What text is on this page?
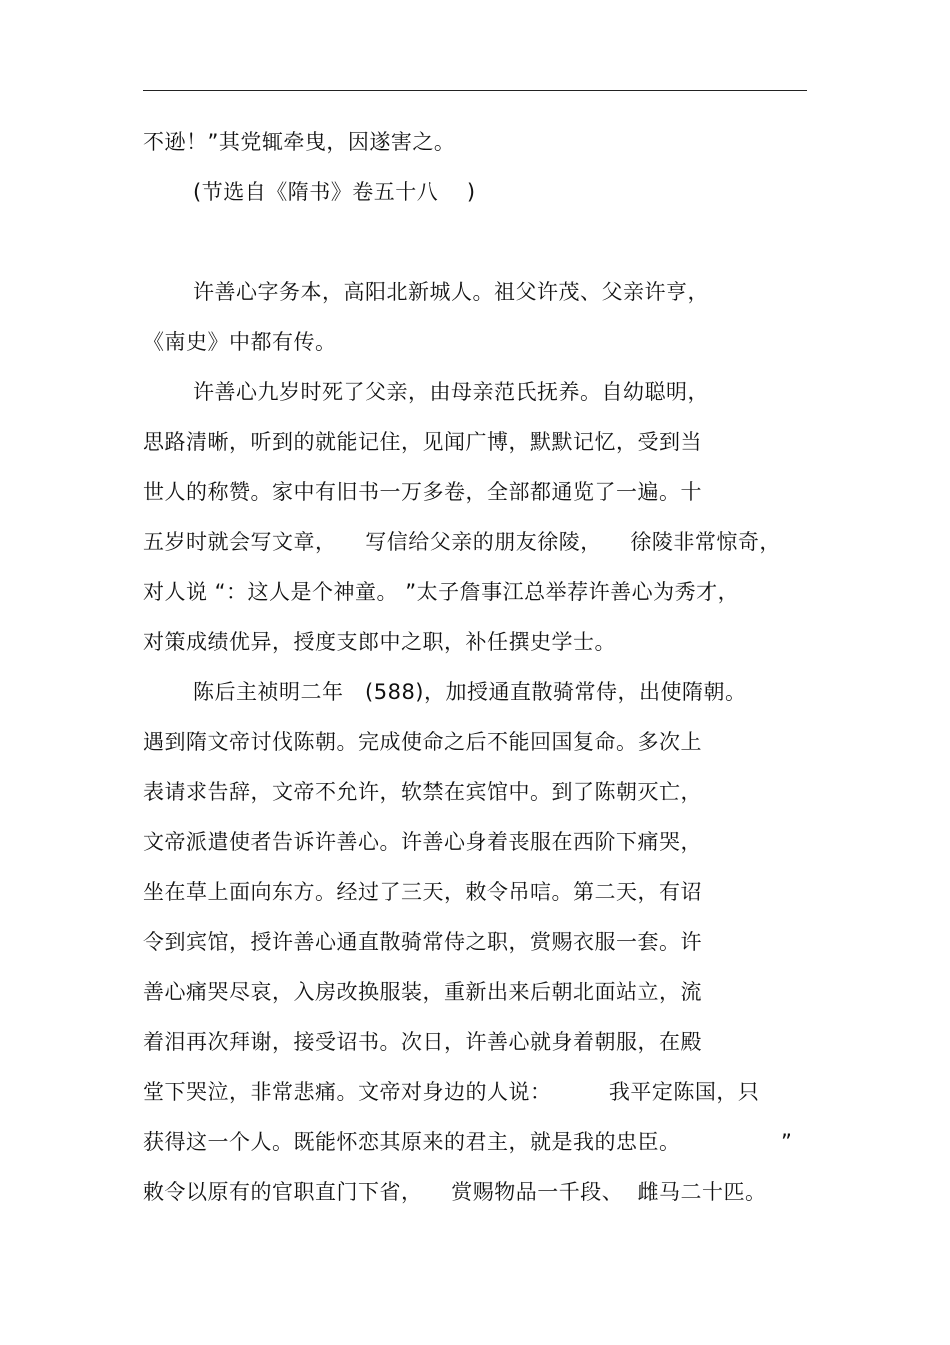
不逊！”其党辄牵曳，因遂害之。
(节选自《隋书》卷五十八    )
许善心字务本，高阳北新城人。祖父许茂、父亲许亨，
《南史》中都有传。
许善心九岁时死了父亲，由母亲范氏抚养。自幼聪明，
思路清晰，听到的就能记住，见闻广博，默默记忆，受到当
世人的称赞。家中有旧书一万多卷，全部都通览了一遍。十
五岁时就会写文章，    写信给父亲的朋友徐陵，    徐陵非常惊奇，
对人说 “：这人是个神童。 ”太子詹事江总举荐许善心为秀才，
对策成绩优异，授度支郎中之职，补任撰史学士。
陈后主祯明二年   (588)，加授通直散骑常侍，出使隋朝。
遇到隋文帝讨伐陈朝。完成使命之后不能回国复命。多次上
表请求告辞，文帝不允许，软禁在宾馆中。到了陈朝灭亡，
文帝派遣使者告诉许善心。许善心身着丧服在西阶下痛哭，
坐在草上面向东方。经过了三天，敕令吊唁。第二天，有诏
令到宾馆，授许善心通直散骑常侍之职，赏赐衣服一套。许
善心痛哭尽哀，入房改换服装，重新出来后朝北面站立，流
着泪再次拜谢，接受诏书。次日，许善心就身着朝服，在殿
堂下哭泣，非常悲痛。文帝对身边的人说：        我平定陈国，只
获得这一个人。既能怀恋其原来的君主，就是我的忠臣。              ”
敕令以原有的官职直门下省，    赏赐物品一千段、  雌马二十匹。
